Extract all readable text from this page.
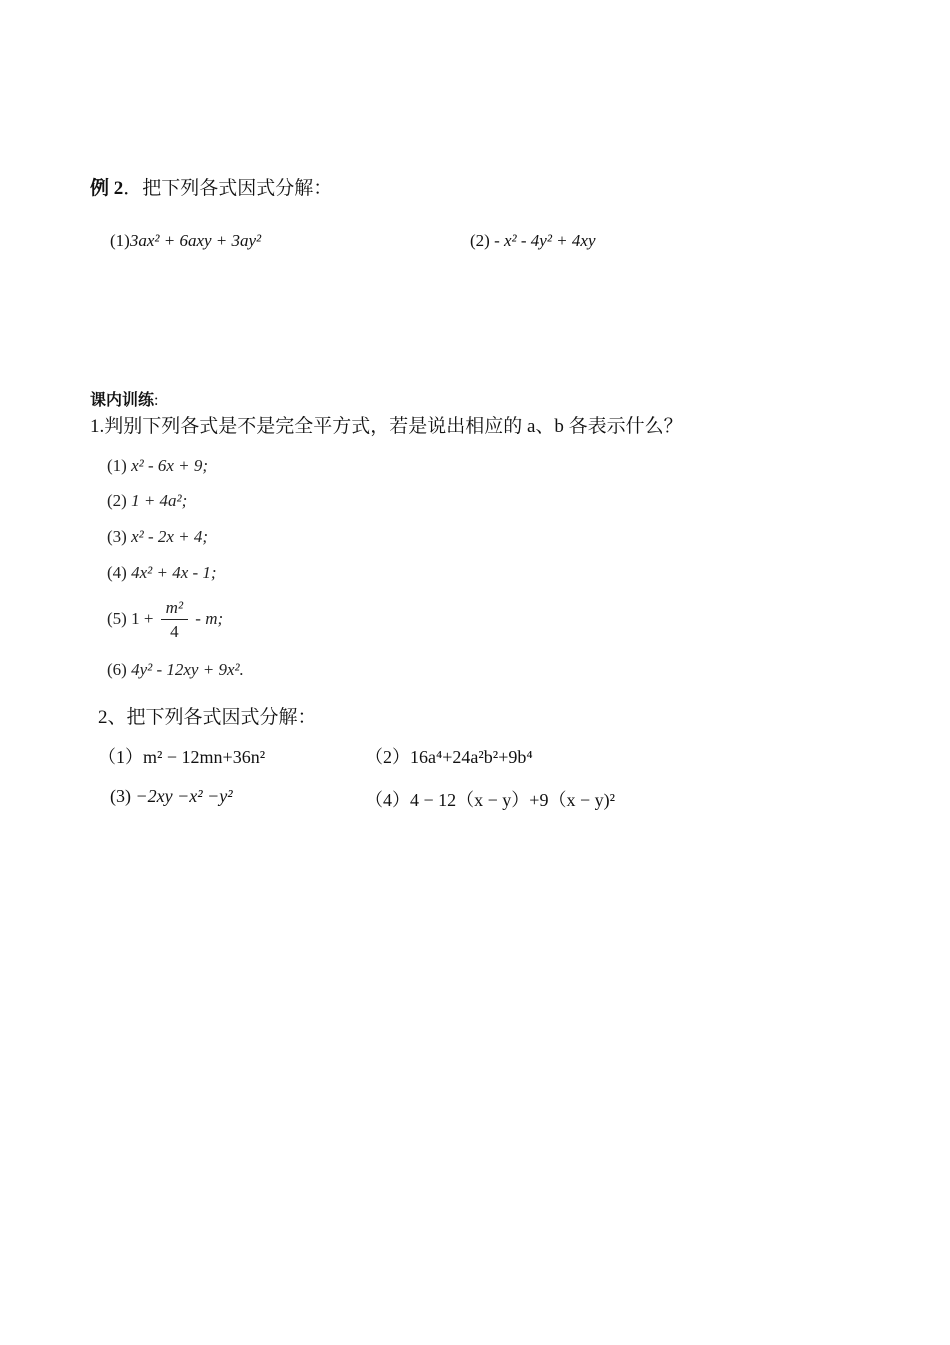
例 2．把下列各式因式分解：
(1)3ax² + 6axy + 3ay²	(2) - x² - 4y² + 4xy
课内训练:
1.判别下列各式是不是完全平方式，若是说出相应的 a、b 各表示什么？
(1) x² - 6x + 9;
(2) 1 + 4a²;
(3) x² - 2x + 4;
(4) 4x² + 4x - 1;
(5) $1 + \frac{\text{m²}}{4} - m$;
(6) 4y² - 12xy + 9x².
2、把下列各式因式分解：
（1）m² − 12mn+36n²	（2）16a⁴+24a²b²+9b⁴
(3) −2xy −x² −y²	（4）4 − 12（x − y）+9（x − y)²
